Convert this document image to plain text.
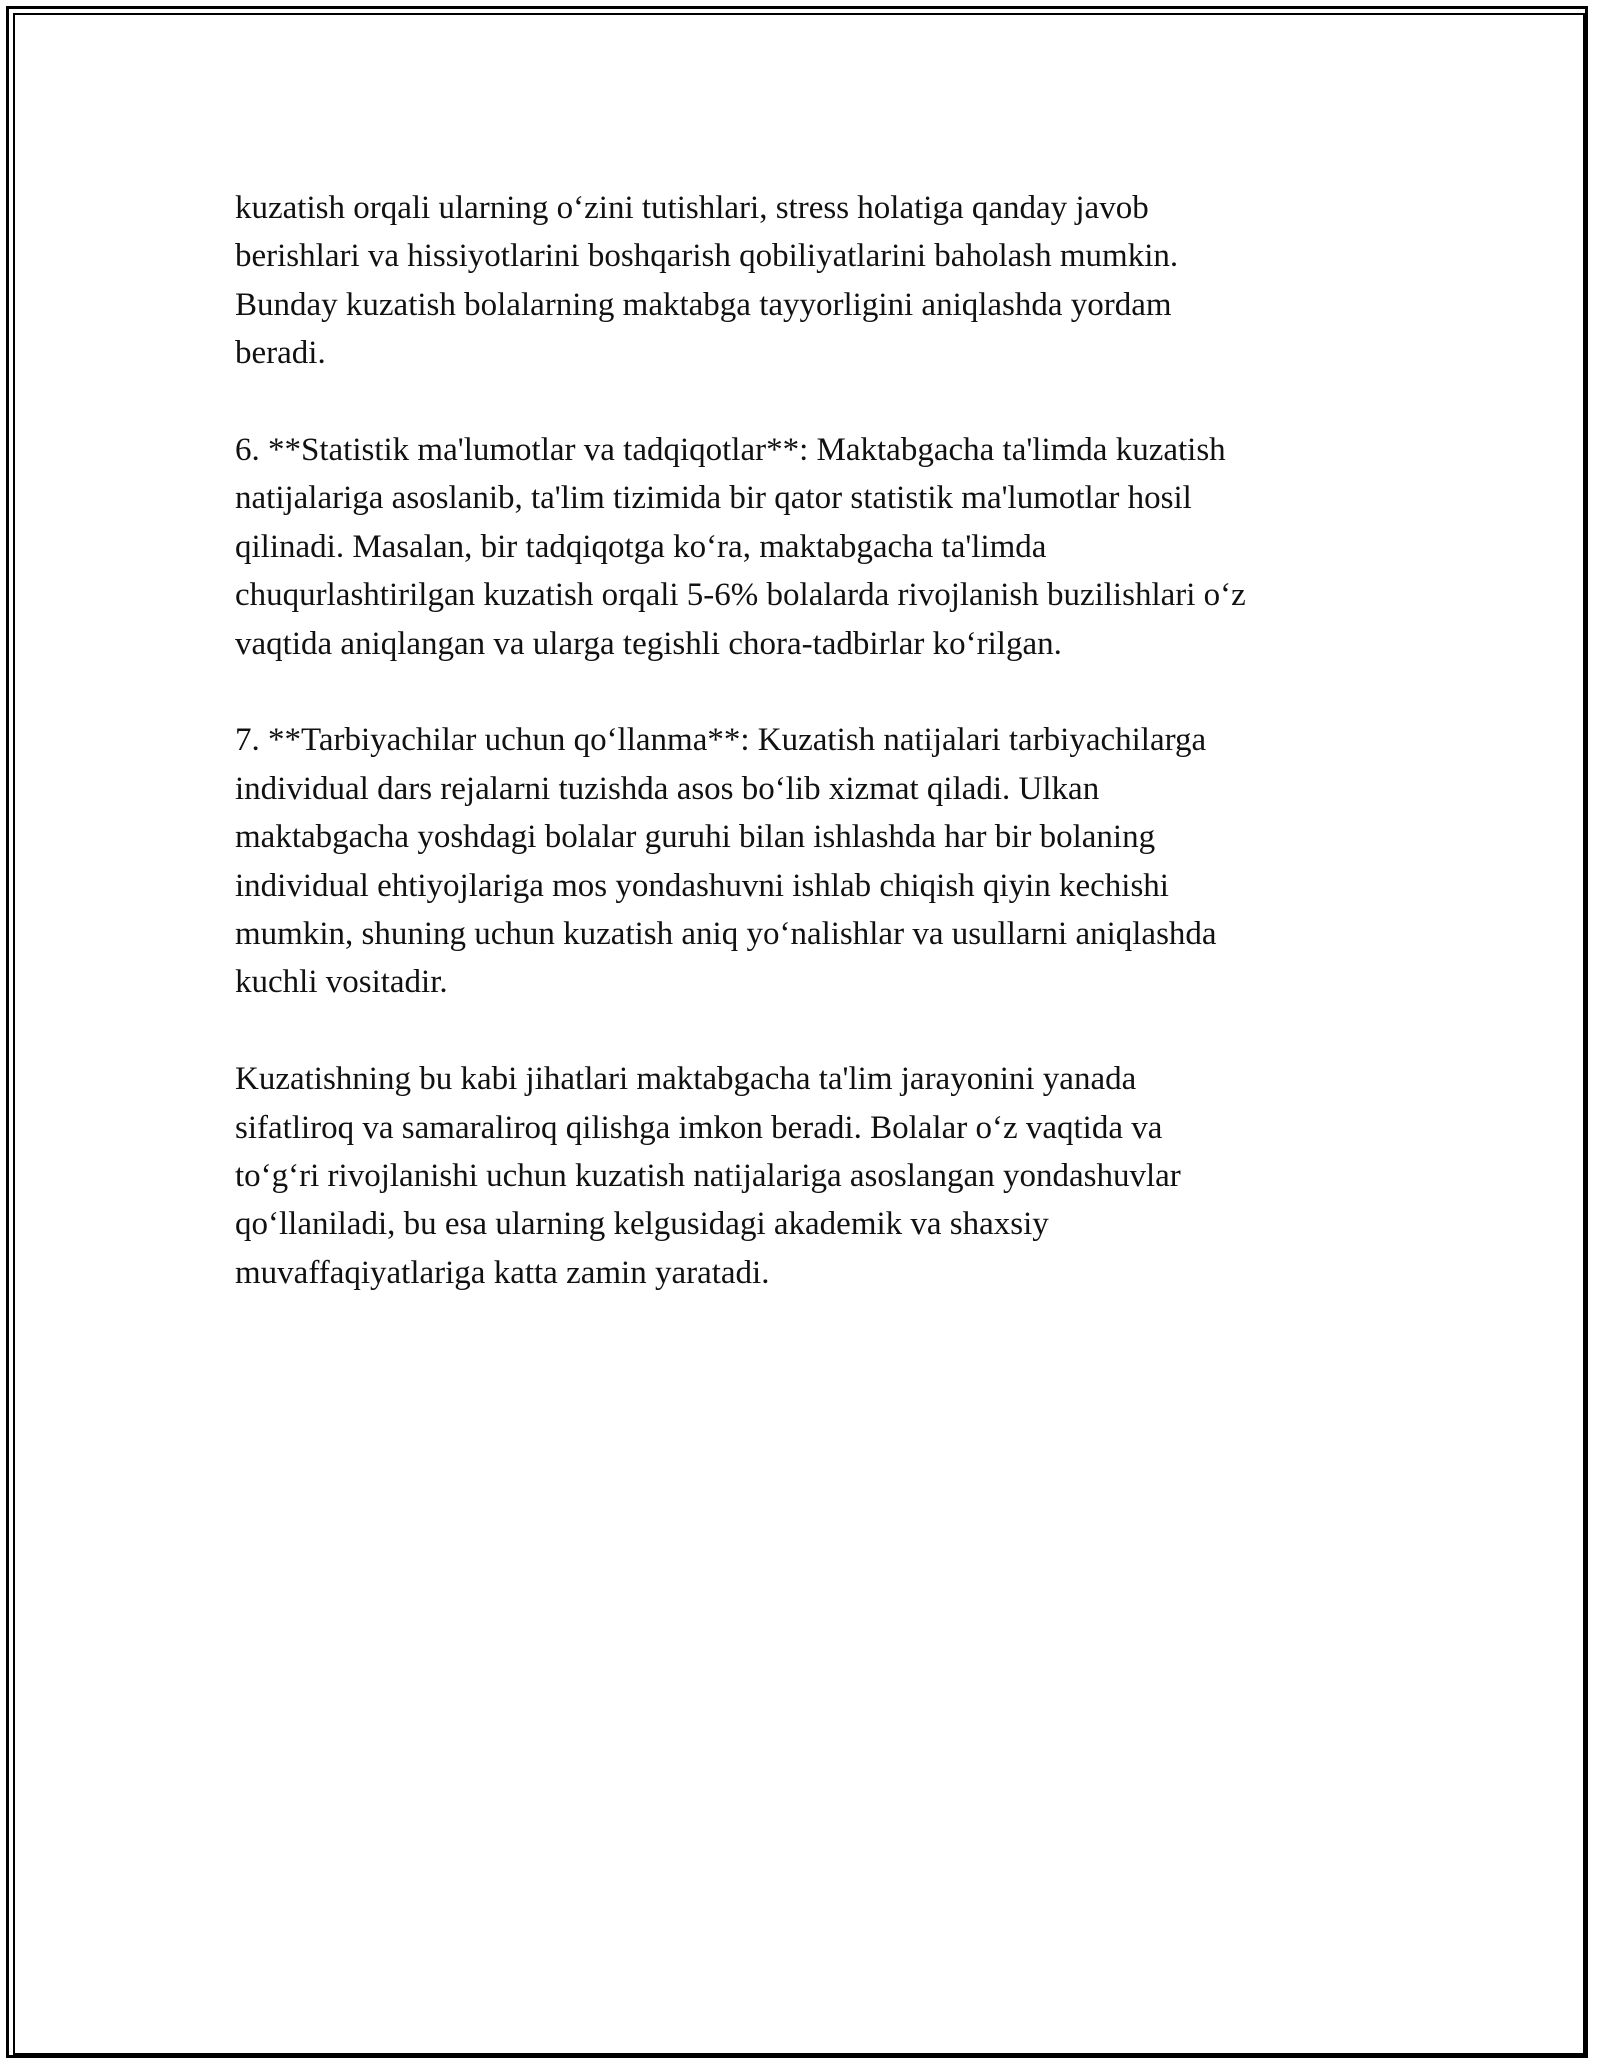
kuzatish orqali ularning o‘zini tutishlari, stress holatiga qanday javob
berishlari va hissiyotlarini boshqarish qobiliyatlarini baholash mumkin.
Bunday kuzatish bolalarning maktabga tayyorligini aniqlashda yordam
beradi.

6. **Statistik ma'lumotlar va tadqiqotlar**: Maktabgacha ta'limda kuzatish
natijalariga asoslanib, ta'lim tizimida bir qator statistik ma'lumotlar hosil
qilinadi. Masalan, bir tadqiqotga ko‘ra, maktabgacha ta'limda
chuqurlashtirilgan kuzatish orqali 5-6% bolalarda rivojlanish buzilishlari o‘z
vaqtida aniqlangan va ularga tegishli chora-tadbirlar ko‘rilgan.

7. **Tarbiyachilar uchun qo‘llanma**: Kuzatish natijalari tarbiyachilarga
individual dars rejalarni tuzishda asos bo‘lib xizmat qiladi. Ulkan
maktabgacha yoshdagi bolalar guruhi bilan ishlashda har bir bolaning
individual ehtiyojlariga mos yondashuvni ishlab chiqish qiyin kechishi
mumkin, shuning uchun kuzatish aniq yo‘nalishlar va usullarni aniqlashda
kuchli vositadir.

Kuzatishning bu kabi jihatlari maktabgacha ta'lim jarayonini yanada
sifatliroq va samaraliroq qilishga imkon beradi. Bolalar o‘z vaqtida va
to‘g‘ri rivojlanishi uchun kuzatish natijalariga asoslangan yondashuvlar
qo‘llaniladi, bu esa ularning kelgusidagi akademik va shaxsiy
muvaffaqiyatlariga katta zamin yaratadi.
